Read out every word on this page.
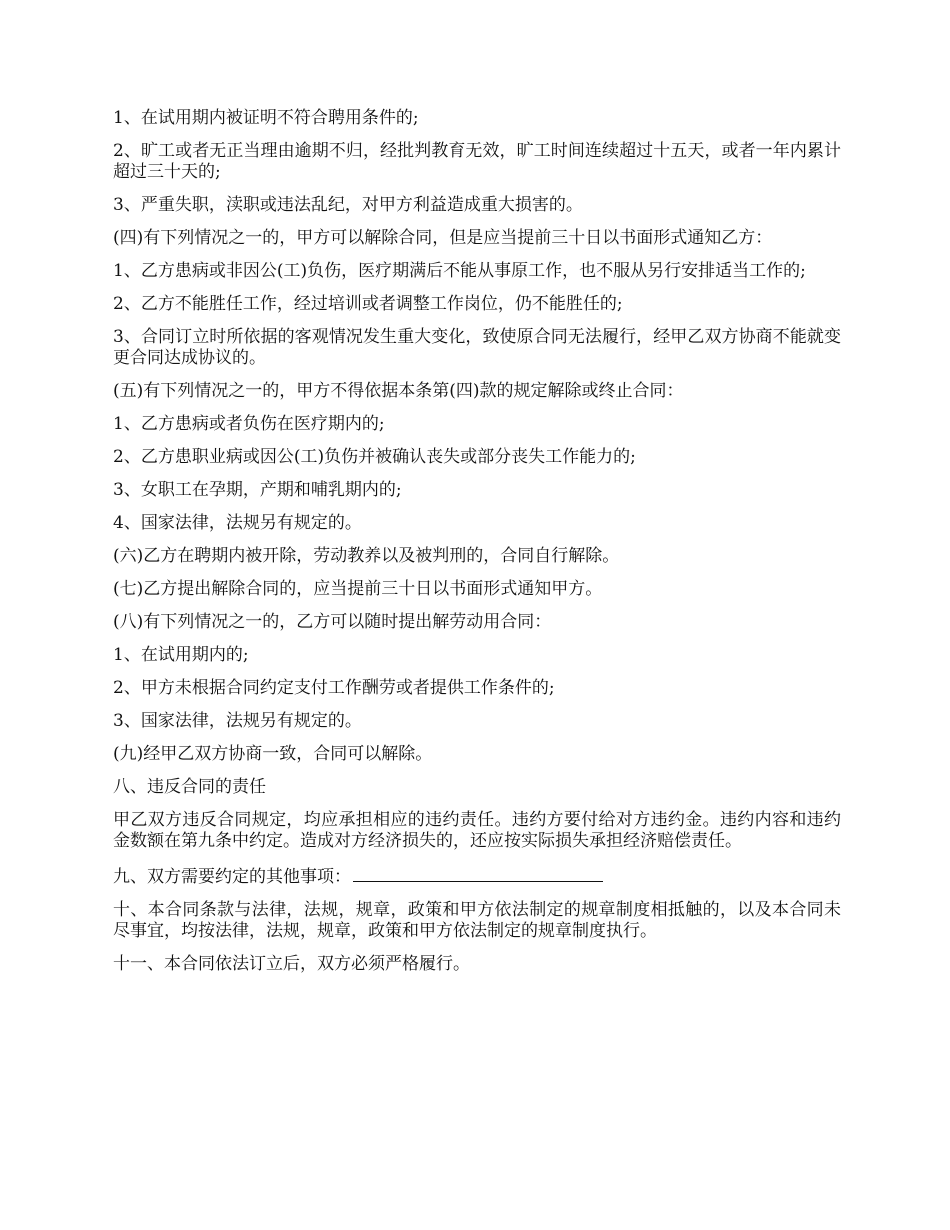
1、在试用期内被证明不符合聘用条件的;

2、旷工或者无正当理由逾期不归，经批判教育无效，旷工时间连续超过十五天，或者一年内累计超过三十天的;

3、严重失职，渎职或违法乱纪，对甲方利益造成重大损害的。

(四)有下列情况之一的，甲方可以解除合同，但是应当提前三十日以书面形式通知乙方：

1、乙方患病或非因公(工)负伤，医疗期满后不能从事原工作，也不服从另行安排适当工作的;

2、乙方不能胜任工作，经过培训或者调整工作岗位，仍不能胜任的;

3、合同订立时所依据的客观情况发生重大变化，致使原合同无法履行，经甲乙双方协商不能就变更合同达成协议的。

(五)有下列情况之一的，甲方不得依据本条第(四)款的规定解除或终止合同：

1、乙方患病或者负伤在医疗期内的;

2、乙方患职业病或因公(工)负伤并被确认丧失或部分丧失工作能力的;

3、女职工在孕期，产期和哺乳期内的;

4、国家法律，法规另有规定的。

(六)乙方在聘期内被开除，劳动教养以及被判刑的，合同自行解除。

(七)乙方提出解除合同的，应当提前三十日以书面形式通知甲方。

(八)有下列情况之一的，乙方可以随时提出解劳动用合同：

1、在试用期内的;

2、甲方未根据合同约定支付工作酬劳或者提供工作条件的;

3、国家法律，法规另有规定的。

(九)经甲乙双方协商一致，合同可以解除。

八、违反合同的责任

甲乙双方违反合同规定，均应承担相应的违约责任。违约方要付给对方违约金。违约内容和违约金数额在第九条中约定。造成对方经济损失的，还应按实际损失承担经济赔偿责任。

九、双方需要约定的其他事项：

十、本合同条款与法律，法规，规章，政策和甲方依法制定的规章制度相抵触的，以及本合同未尽事宜，均按法律，法规，规章，政策和甲方依法制定的规章制度执行。

十一、本合同依法订立后，双方必须严格履行。
